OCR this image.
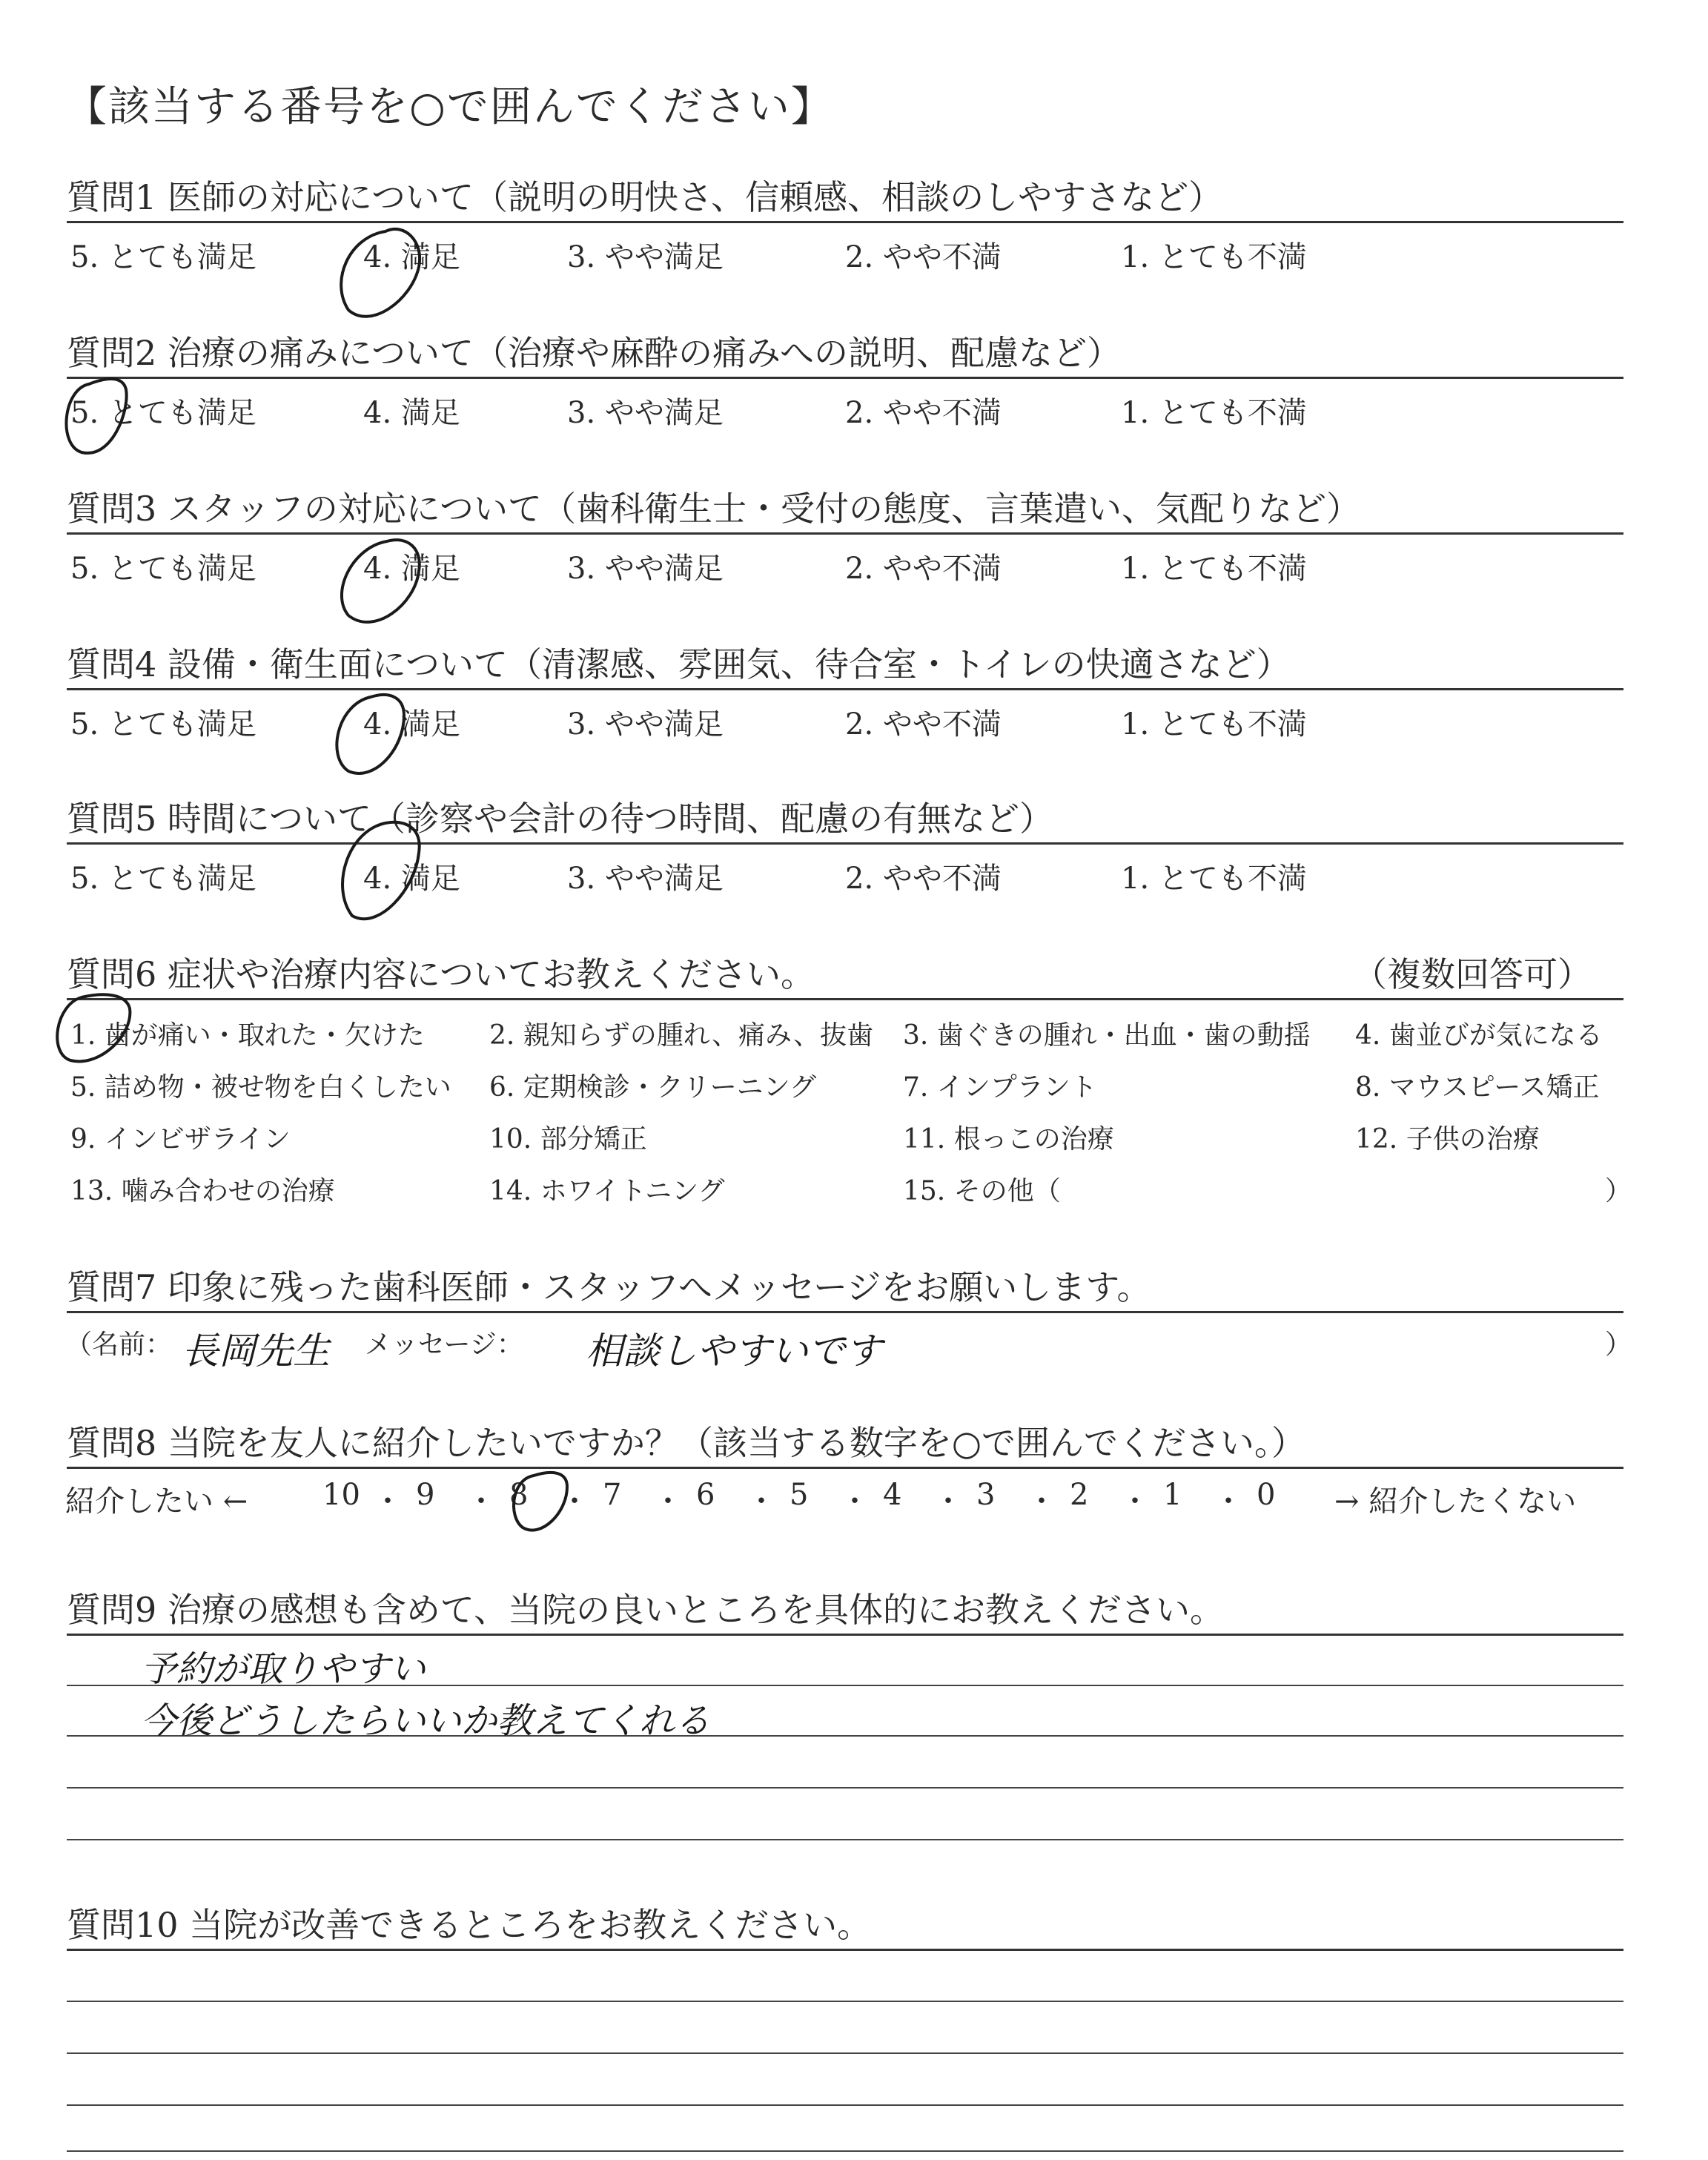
【該当する番号を○で囲んでください】
質問1 医師の対応について（説明の明快さ、信頼感、相談のしやすさなど）
5. とても満足	4. 満足	3. やや満足	2. やや不満	1. とても不満
質問2 治療の痛みについて（治療や麻酔の痛みへの説明、配慮など）
5. とても満足	4. 満足	3. やや満足	2. やや不満	1. とても不満
質問3 スタッフの対応について（歯科衛生士・受付の態度、言葉遣い、気配りなど）
5. とても満足	4. 満足	3. やや満足	2. やや不満	1. とても不満
質問4 設備・衛生面について（清潔感、雰囲気、待合室・トイレの快適さなど）
5. とても満足	4. 満足	3. やや満足	2. やや不満	1. とても不満
質問5 時間について（診察や会計の待つ時間、配慮の有無など）
5. とても満足	4. 満足	3. やや満足	2. やや不満	1. とても不満
質問6 症状や治療内容についてお教えください。	（複数回答可）
1. 歯が痛い・取れた・欠けた 2. 親知らずの腫れ、痛み、抜歯 3. 歯ぐきの腫れ・出血・歯の動揺 4. 歯並びが気になる
5. 詰め物・被せ物を白くしたい 6. 定期検診・クリーニング	7. インプラント	8. マウスピース矯正
9. インビザライン	10. 部分矯正	11. 根っこの治療	12. 子供の治療
13. 噛み合わせの治療	14. ホワイトニング	15. その他（	）
質問7 印象に残った歯科医師・スタッフへメッセージをお願いします。
（名前： 長岡先生 メッセージ： 相談しやすいです	）
質問8 当院を友人に紹介したいですか？（該当する数字を○で囲んでください。）
紹介したい ←	10 ・ 9 ・ 8 ・ 7 ・ 6 ・ 5 ・ 4 ・ 3 ・ 2 ・ 1 ・ 0 → 紹介したくない
質問9 治療の感想も含めて、当院の良いところを具体的にお教えください。
予約が取りやすい
今後どうしたらいいか教えてくれる
質問10 当院が改善できるところをお教えください。
